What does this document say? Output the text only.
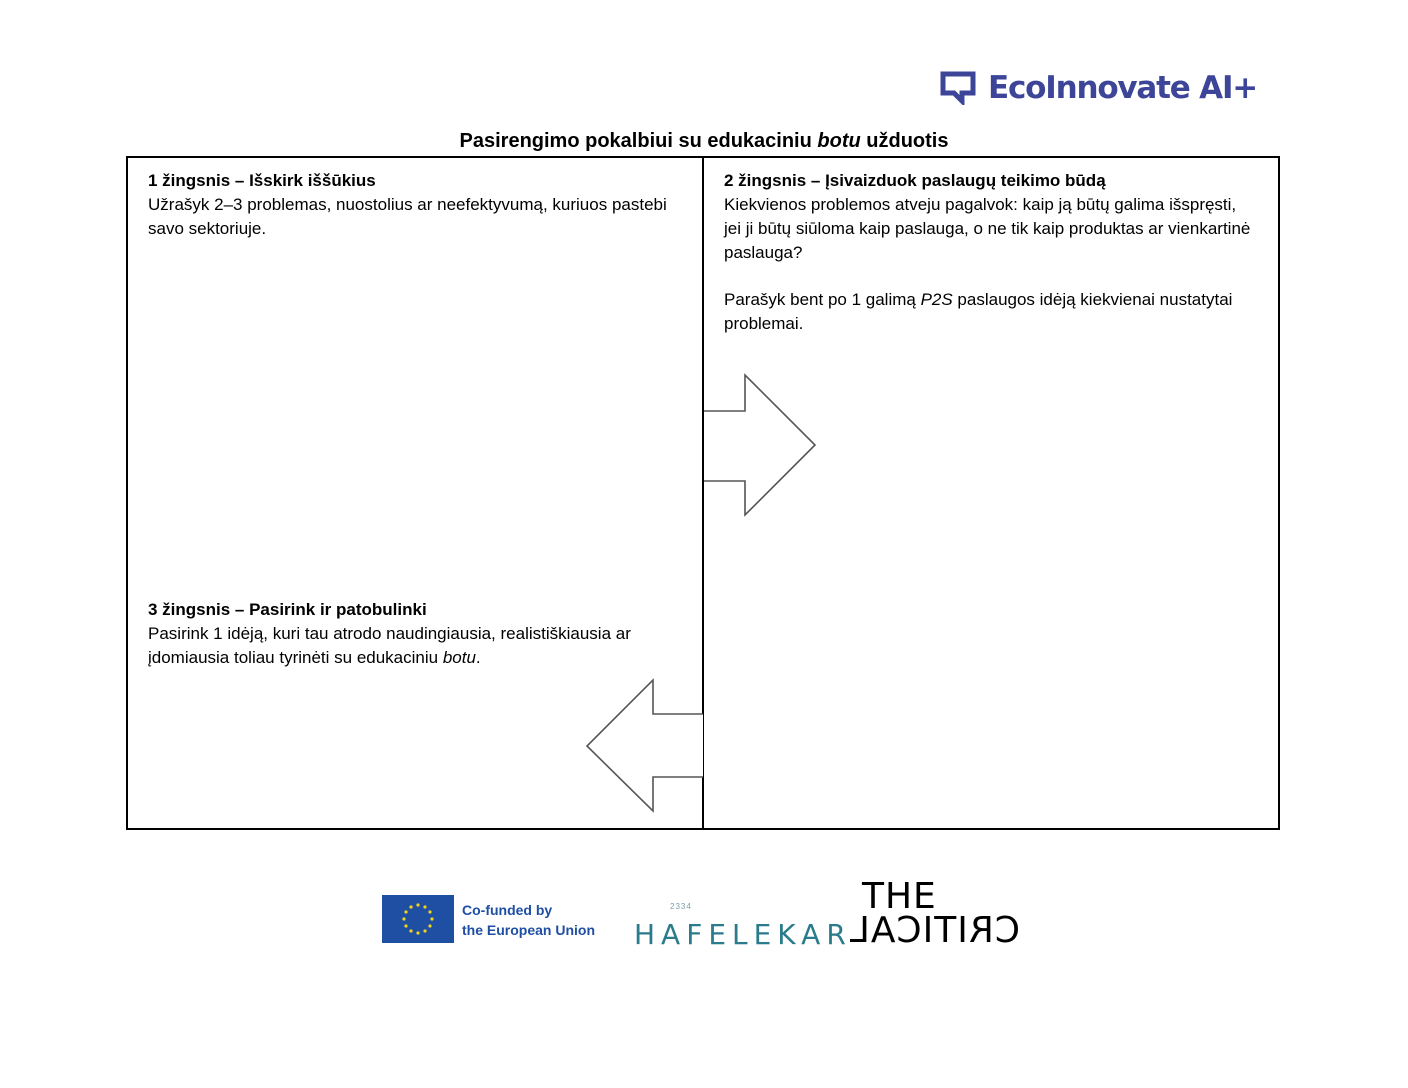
EcoInnovate AI+
Pasirengimo pokalbiui su edukaciniu botu užduotis

1 žingsnis – Išskirk iššūkius

Užrašyk 2–3 problemas, nuostolius ar neefektyvumą, kuriuos pastebi savo sektoriuje.

2 žingsnis – Įsivaizduok paslaugų teikimo būdą

Kiekvienos problemos atveju pagalvok: kaip ją būtų galima išspręsti, jei ji būtų siūloma kaip paslauga, o ne tik kaip produktas ar vienkartinė paslauga?

Parašyk bent po 1 galimą P2S paslaugos idėją kiekvienai nustatytai problemai.

3 žingsnis – Pasirink ir patobulinki

Pasirink 1 idėją, kuri tau atrodo naudingiausia, realistiškiausia ar įdomiausia toliau tyrinėti su edukaciniu botu.

Co-funded by
the European Union
2334
HAFELEKAR
THE
CRITICAL
